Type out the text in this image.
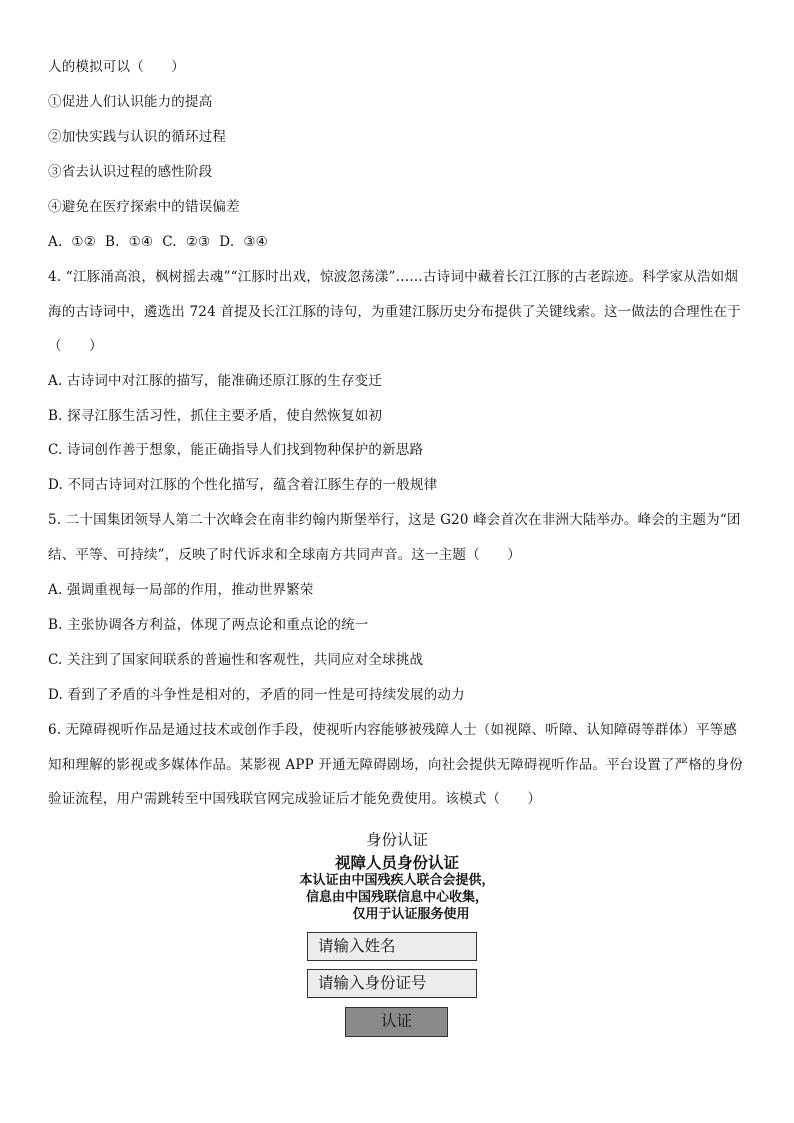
人的模拟可以（　　）
①促进人们认识能力的提高
②加快实践与认识的循环过程
③省去认识过程的感性阶段
④避免在医疗探索中的错误偏差
A.  ①②  B.  ①④  C.  ②③  D.  ③④
4. “江豚涌高浪，枫树摇去魂”“江豚时出戏，惊波忽荡漾”……古诗词中藏着长江江豚的古老踪迹。科学家从浩如烟
海的古诗词中，遴选出 724 首提及长江江豚的诗句，为重建江豚历史分布提供了关键线索。这一做法的合理性在于
（　　）
A. 古诗词中对江豚的描写，能准确还原江豚的生存变迁
B. 探寻江豚生活习性，抓住主要矛盾，使自然恢复如初
C. 诗词创作善于想象，能正确指导人们找到物种保护的新思路
D. 不同古诗词对江豚的个性化描写，蕴含着江豚生存的一般规律
5. 二十国集团领导人第二十次峰会在南非约翰内斯堡举行，这是 G20 峰会首次在非洲大陆举办。峰会的主题为“团
结、平等、可持续”，反映了时代诉求和全球南方共同声音。这一主题（　　）
A. 强调重视每一局部的作用，推动世界繁荣
B. 主张协调各方利益，体现了两点论和重点论的统一
C. 关注到了国家间联系的普遍性和客观性，共同应对全球挑战
D. 看到了矛盾的斗争性是相对的，矛盾的同一性是可持续发展的动力
6. 无障碍视听作品是通过技术或创作手段，使视听内容能够被残障人士（如视障、听障、认知障碍等群体）平等感
知和理解的影视或多媒体作品。某影视 APP 开通无障碍剧场，向社会提供无障碍视听作品。平台设置了严格的身份
验证流程，用户需跳转至中国残联官网完成验证后才能免费使用。该模式（　　）
身份认证
视障人员身份认证
本认证由中国残疾人联合会提供，
信息由中国残联信息中心收集，
仅用于认证服务使用
请输入姓名
请输入身份证号
认证
